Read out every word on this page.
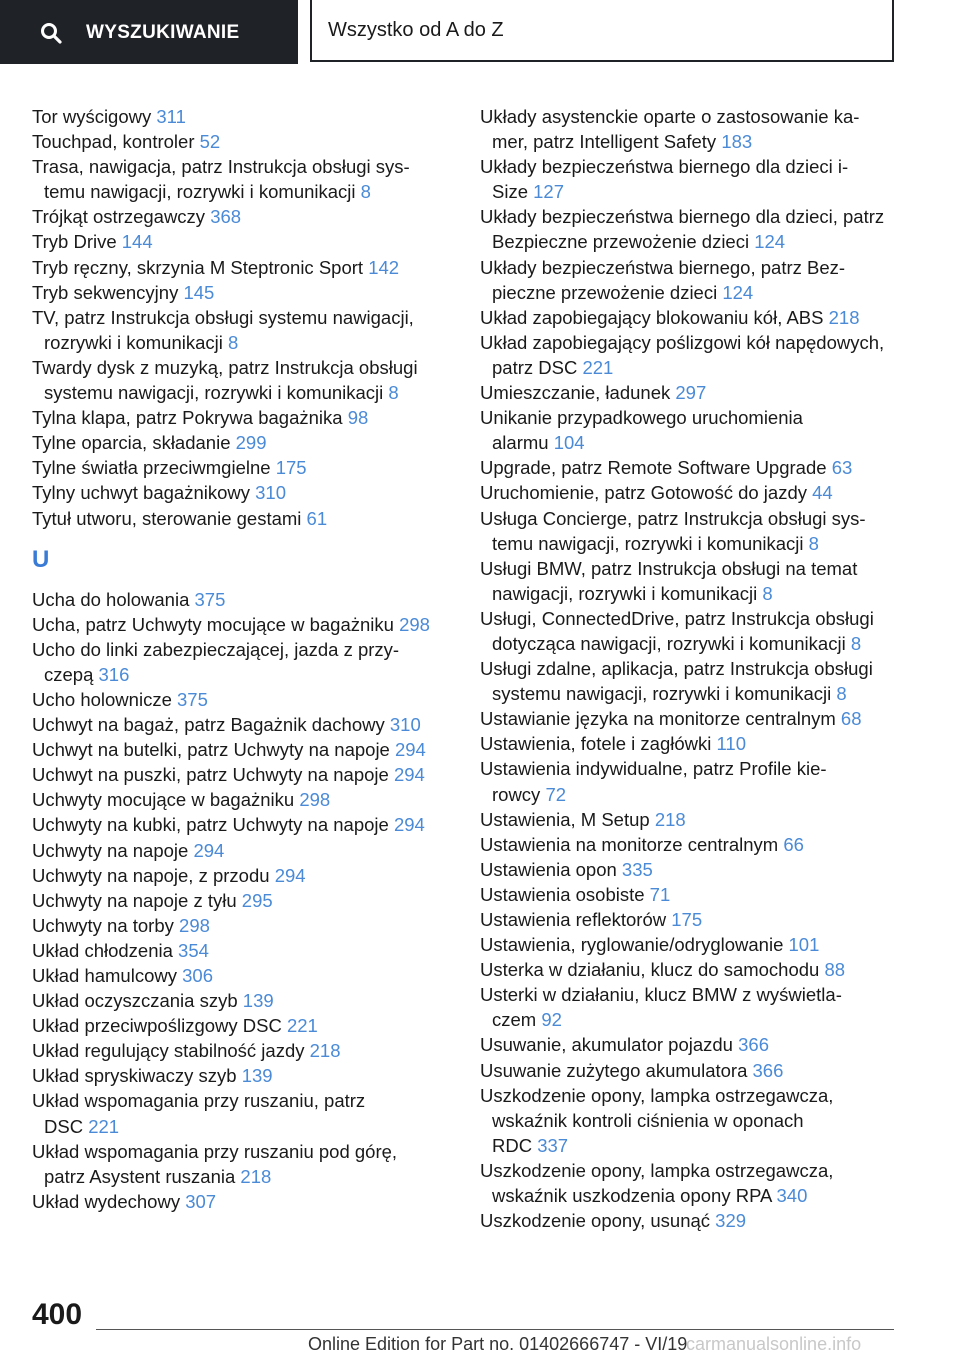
WYSZUKIWANIE	Wszystko od A do Z
Tor wyścigowy 311
Touchpad, kontroler 52
Trasa, nawigacja, patrz Instrukcja obsługi sys-
temu nawigacji, rozrywki i komunikacji 8
Trójkąt ostrzegawczy 368
Tryb Drive 144
Tryb ręczny, skrzynia M Steptronic Sport 142
Tryb sekwencyjny 145
TV, patrz Instrukcja obsługi systemu nawigacji,
rozrywki i komunikacji 8
Twardy dysk z muzyką, patrz Instrukcja obsługi
systemu nawigacji, rozrywki i komunikacji 8
Tylna klapa, patrz Pokrywa bagażnika 98
Tylne oparcia, składanie 299
Tylne światła przeciwmgielne 175
Tylny uchwyt bagażnikowy 310
Tytuł utworu, sterowanie gestami 61
U
Ucha do holowania 375
Ucha, patrz Uchwyty mocujące w bagażniku 298
Ucho do linki zabezpieczającej, jazda z przy-
czepą 316
Ucho holownicze 375
Uchwyt na bagaż, patrz Bagażnik dachowy 310
Uchwyt na butelki, patrz Uchwyty na napoje 294
Uchwyt na puszki, patrz Uchwyty na napoje 294
Uchwyty mocujące w bagażniku 298
Uchwyty na kubki, patrz Uchwyty na napoje 294
Uchwyty na napoje 294
Uchwyty na napoje, z przodu 294
Uchwyty na napoje z tyłu 295
Uchwyty na torby 298
Układ chłodzenia 354
Układ hamulcowy 306
Układ oczyszczania szyb 139
Układ przeciwpoślizgowy DSC 221
Układ regulujący stabilność jazdy 218
Układ spryskiwaczy szyb 139
Układ wspomagania przy ruszaniu, patrz
DSC 221
Układ wspomagania przy ruszaniu pod górę,
patrz Asystent ruszania 218
Układ wydechowy 307
Układy asystenckie oparte o zastosowanie ka-
mer, patrz Intelligent Safety 183
Układy bezpieczeństwa biernego dla dzieci i-
Size 127
Układy bezpieczeństwa biernego dla dzieci, patrz
Bezpieczne przewożenie dzieci 124
Układy bezpieczeństwa biernego, patrz Bez-
pieczne przewożenie dzieci 124
Układ zapobiegający blokowaniu kół, ABS 218
Układ zapobiegający poślizgowi kół napędowych,
patrz DSC 221
Umieszczanie, ładunek 297
Unikanie przypadkowego uruchomienia
alarmu 104
Upgrade, patrz Remote Software Upgrade 63
Uruchomienie, patrz Gotowość do jazdy 44
Usługa Concierge, patrz Instrukcja obsługi sys-
temu nawigacji, rozrywki i komunikacji 8
Usługi BMW, patrz Instrukcja obsługi na temat
nawigacji, rozrywki i komunikacji 8
Usługi, ConnectedDrive, patrz Instrukcja obsługi
dotycząca nawigacji, rozrywki i komunikacji 8
Usługi zdalne, aplikacja, patrz Instrukcja obsługi
systemu nawigacji, rozrywki i komunikacji 8
Ustawianie języka na monitorze centralnym 68
Ustawienia, fotele i zagłówki 110
Ustawienia indywidualne, patrz Profile kie-
rowcy 72
Ustawienia, M Setup 218
Ustawienia na monitorze centralnym 66
Ustawienia opon 335
Ustawienia osobiste 71
Ustawienia reflektorów 175
Ustawienia, ryglowanie/odryglowanie 101
Usterka w działaniu, klucz do samochodu 88
Usterki w działaniu, klucz BMW z wyświetla-
czem 92
Usuwanie, akumulator pojazdu 366
Usuwanie zużytego akumulatora 366
Uszkodzenie opony, lampka ostrzegawcza,
wskaźnik kontroli ciśnienia w oponach
RDC 337
Uszkodzenie opony, lampka ostrzegawcza,
wskaźnik uszkodzenia opony RPA 340
Uszkodzenie opony, usunąć 329
400
Online Edition for Part no. 01402666747 - VI/19
carmanualsonline.info
